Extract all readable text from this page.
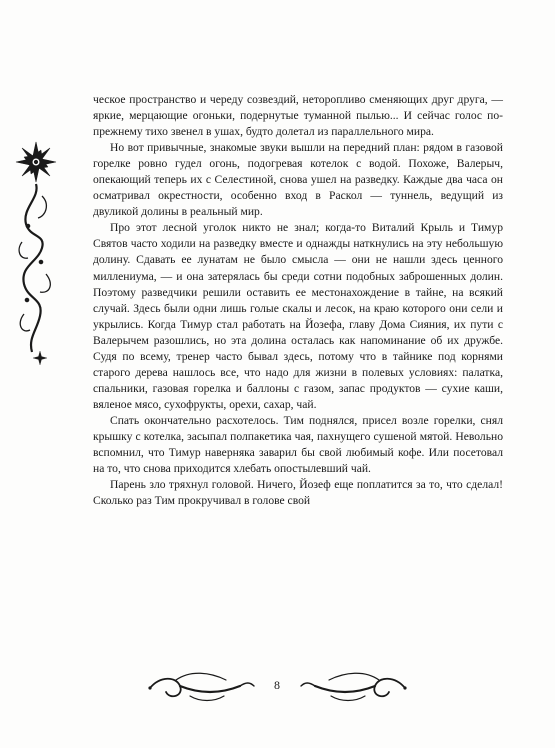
ческое пространство и череду созвездий, неторопливо сменяющих друг друга, — яркие, мерцающие огоньки, подернутые туманной пылью... И сейчас голос по-прежнему тихо звенел в ушах, будто долетал из параллельного мира.

Но вот привычные, знакомые звуки вышли на передний план: рядом в газовой горелке ровно гудел огонь, подогревая котелок с водой. Похоже, Валерыч, опекающий теперь их с Селестиной, снова ушел на разведку. Каждые два часа он осматривал окрестности, особенно вход в Раскол — туннель, ведущий из двуликой долины в реальный мир.

Про этот лесной уголок никто не знал; когда-то Виталий Крыль и Тимур Святов часто ходили на разведку вместе и однажды наткнулись на эту небольшую долину. Сдавать ее лунатам не было смысла — они не нашли здесь ценного миллениума, — и она затерялась бы среди сотни подобных заброшенных долин. Поэтому разведчики решили оставить ее местонахождение в тайне, на всякий случай. Здесь были одни лишь голые скалы и лесок, на краю которого они сели и укрылись. Когда Тимур стал работать на Йозефа, главу Дома Сияния, их пути с Валерычем разошлись, но эта долина осталась как напоминание об их дружбе. Судя по всему, тренер часто бывал здесь, потому что в тайнике под корнями старого дерева нашлось все, что надо для жизни в полевых условиях: палатка, спальники, газовая горелка и баллоны с газом, запас продуктов — сухие каши, вяленое мясо, сухофрукты, орехи, сахар, чай.

Спать окончательно расхотелось. Тим поднялся, присел возле горелки, снял крышку с котелка, засыпал полпакетика чая, пахнущего сушеной мятой. Невольно вспомнил, что Тимур наверняка заварил бы свой любимый кофе. Или посетовал на то, что снова приходится хлебать опостылевший чай.

Парень зло тряхнул головой. Ничего, Йозеф еще поплатится за то, что сделал! Сколько раз Тим прокручивал в голове свой

8
